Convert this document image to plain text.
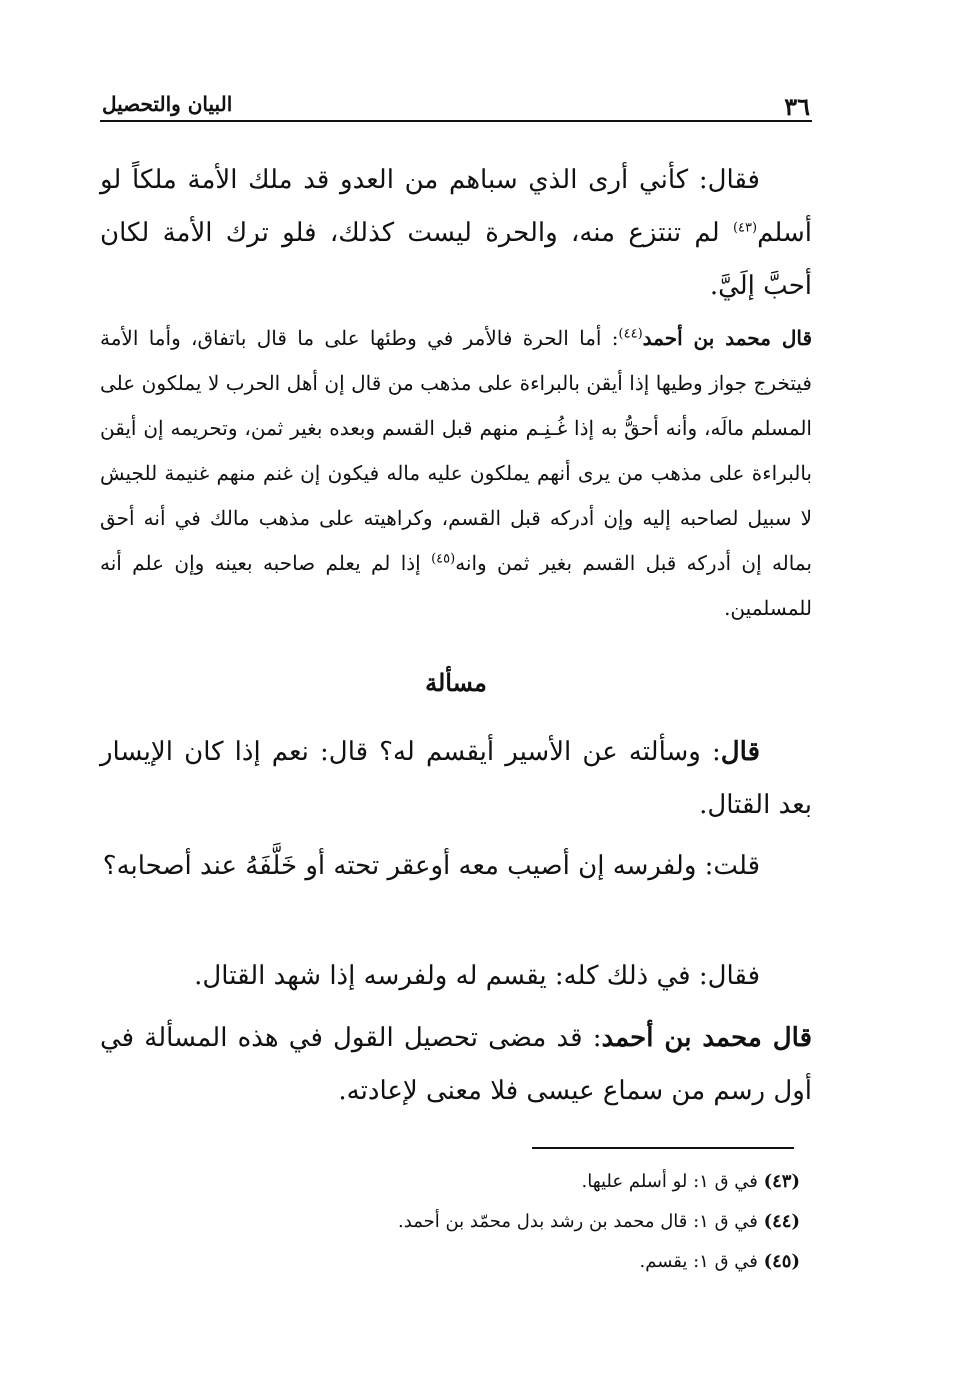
٣٦
البيان والتحصيل

فقال: كأني أرى الذي سباهم من العدو قد ملك الأمة ملكاً لو أسلم$^{(٤٣)}$ لم تنتزع منه، والحرة ليست كذلك، فلو ترك الأمة لكان أحبَّ إلَيَّ.

قال محمد بن أحمد$^{(٤٤)}$: أما الحرة فالأمر في وطئها على ما قال باتفاق، وأما الأمة فيتخرج جواز وطيها إذا أيقن بالبراءة على مذهب من قال إن أهل الحرب لا يملكون على المسلم مالَه، وأنه أحقُّ به إذا غُـنِـم منهم قبل القسم وبعده بغير ثمن، وتحريمه إن أيقن بالبراءة على مذهب من يرى أنهم يملكون عليه ماله فيكون إن غنم منهم غنيمة للجيش لا سبيل لصاحبه إليه وإن أدركه قبل القسم، وكراهيته على مذهب مالك في أنه أحق بماله إن أدركه قبل القسم بغير ثمن وانه$^{(٤٥)}$ إذا لم يعلم صاحبه بعينه وإن علم أنه للمسلمين.

مسألة

قال: وسألته عن الأسير أيقسم له؟ قال: نعم إذا كان الإيسار بعد القتال.

قلت: ولفرسه إن أصيب معه أوعقر تحته أو خَلَّفَهُ عند أصحابه؟

فقال: في ذلك كله: يقسم له ولفرسه إذا شهد القتال.

قال محمد بن أحمد: قد مضى تحصيل القول في هذه المسألة في أول رسم من سماع عيسى فلا معنى لإعادته.

(٤٣) في ق ١: لو أسلم عليها.

(٤٤) في ق ١: قال محمد بن رشد بدل محمّد بن أحمد.

(٤٥) في ق ١: يقسم.
